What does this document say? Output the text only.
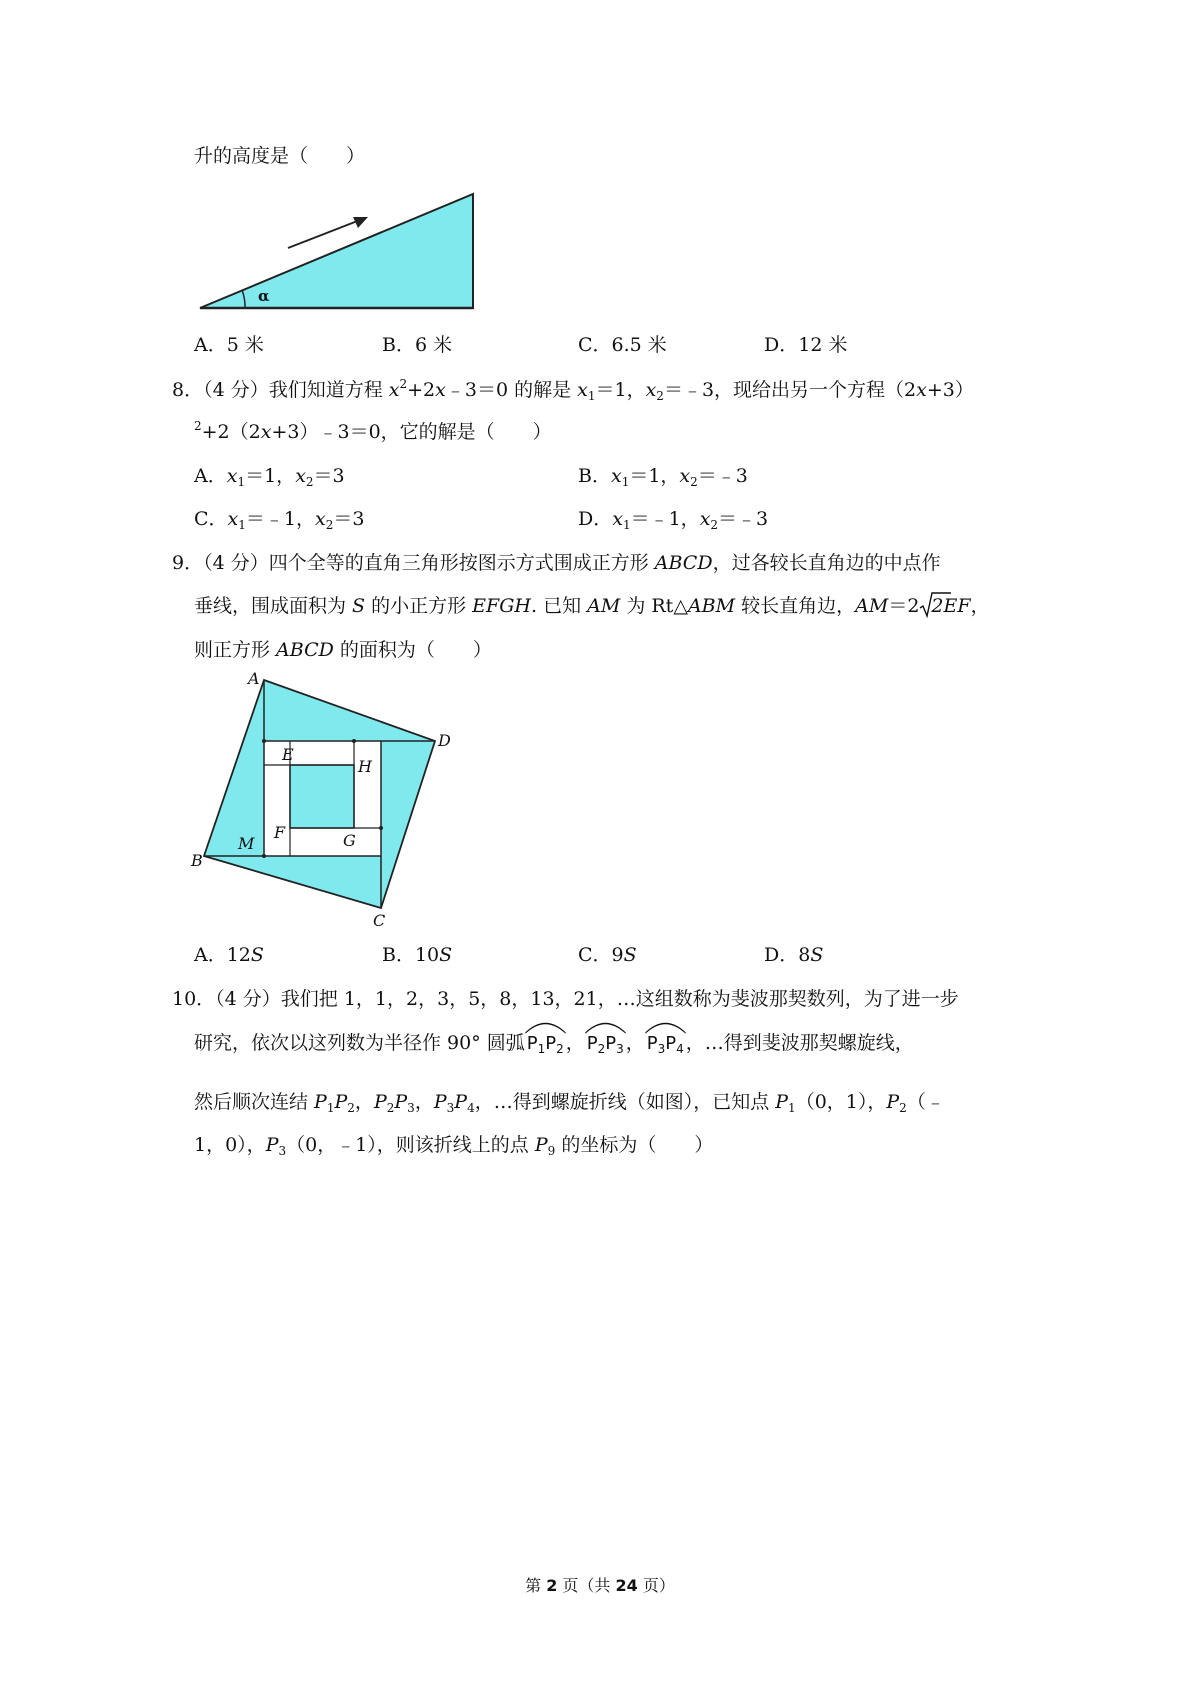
升的高度是（　　）
α
A．5 米	B．6 米	C．6.5 米	D．12 米
8．（4 分）我们知道方程 $x^2+2x﹣3=0$ 的解是 $x_1=1$，$x_2=﹣3$，现给出另一个方程（2x+3）
$^2$+2（2x+3）﹣3＝0，它的解是（　　）
A．$x_1=1$，$x_2=3$	B．$x_1=1$，$x_2=﹣3$
C．$x_1=﹣1$，$x_2=3$	D．$x_1=﹣1$，$x_2=﹣3$
9．（4 分）四个全等的直角三角形按图示方式围成正方形 ABCD，过各较长直角边的中点作
垂线，围成面积为 S 的小正方形 EFGH. 已知 AM 为 Rt△ABM 较长直角边，AM＝2 2EF，
则正方形 ABCD 的面积为（　　）
A
B
C
D
E
F	G
H
M
A．12S	B．10S	C．9S	D．8S
10．（4 分）我们把 1，1，2，3，5，8，13，21，…这组数称为斐波那契数列，为了进一步
研究，依次以这列数为半径作 90° 圆弧 $P_1P_2$ ， $P_2P_3$ ， $P_3P_4$ ，…得到斐波那契螺旋线，
然后顺次连结 $P_1P_2$，$P_2P_3$，$P_3P_4$，…得到螺旋折线（如图），已知点 $P_1(0$，1），$P_2(﹣$
1，0），$P_3(0$，﹣1），则该折线上的点 $P_9$ 的坐标为（　　）
第 2 页（共 24 页）
